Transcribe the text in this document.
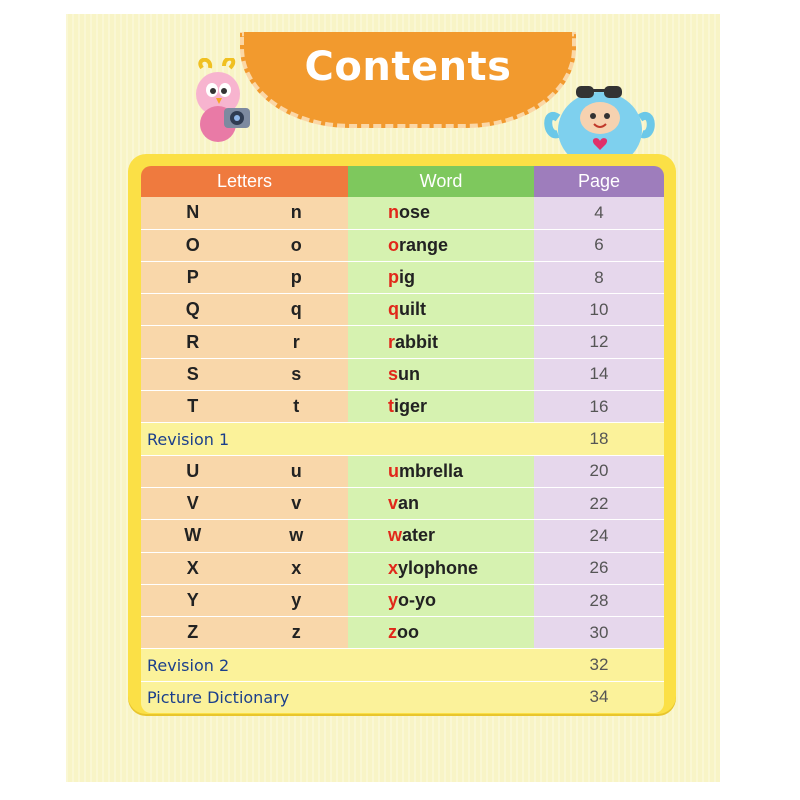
Contents
Letters	Word	Page
N n	nose	4
O o	orange	6
P p	pig	8
Q q	quilt	10
R r	rabbit	12
S s	sun	14
T t	tiger	16
Revision 1		18
U u	umbrella	20
V v	van	22
W w	water	24
X x	xylophone	26
Y y	yo-yo	28
Z z	zoo	30
Revision 2		32
Picture Dictionary		34
